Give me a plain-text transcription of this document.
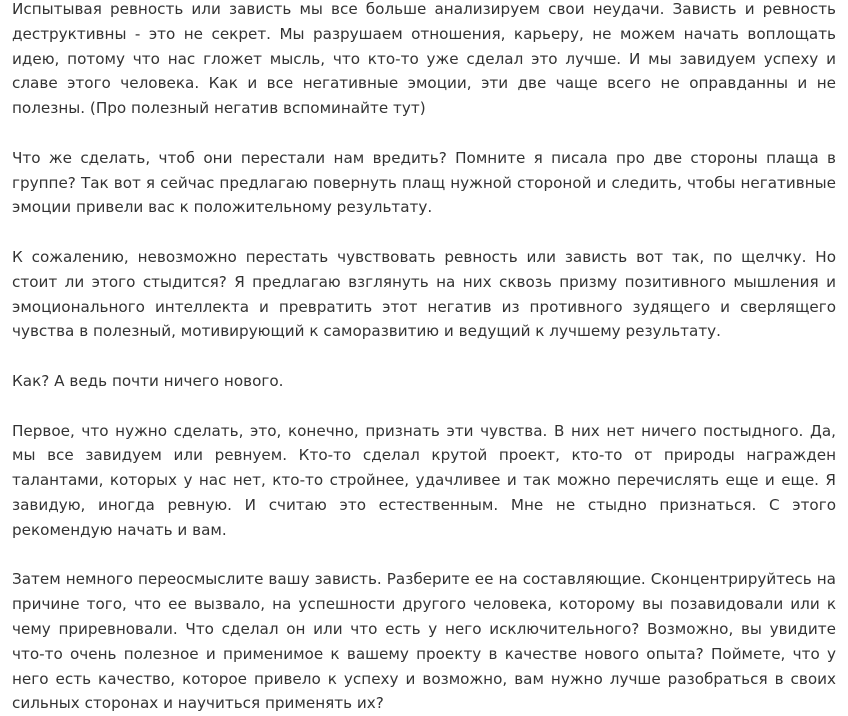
Испытывая ревность или зависть мы все больше анализируем свои неудачи. Зависть и ревность деструктивны - это не секрет. Мы разрушаем отношения, карьеру, не можем начать воплощать идею, потому что нас гложет мысль, что кто-то уже сделал это лучше. И мы завидуем успеху и славе этого человека. Как и все негативные эмоции, эти две чаще всего не оправданны и не полезны. (Про полезный негатив вспоминайте тут)

Что же сделать, чтоб они перестали нам вредить? Помните я писала про две стороны плаща в группе? Так вот я сейчас предлагаю повернуть плащ нужной стороной и следить, чтобы негативные эмоции привели вас к положительному результату.

К сожалению, невозможно перестать чувствовать ревность или зависть вот так, по щелчку. Но стоит ли этого стыдится? Я предлагаю взглянуть на них сквозь призму позитивного мышления и эмоционального интеллекта и превратить этот негатив из противного зудящего и сверлящего чувства в полезный, мотивирующий к саморазвитию и ведущий к лучшему результату.

Как? А ведь почти ничего нового.

Первое, что нужно сделать, это, конечно, признать эти чувства. В них нет ничего постыдного. Да, мы все завидуем или ревнуем. Кто-то сделал крутой проект, кто-то от природы награжден талантами, которых у нас нет, кто-то стройнее, удачливее и так можно перечислять еще и еще. Я завидую, иногда ревную. И считаю это естественным. Мне не стыдно признаться. С этого рекомендую начать и вам.

Затем немного переосмыслите вашу зависть. Разберите ее на составляющие. Сконцентрируйтесь на причине того, что ее вызвало, на успешности другого человека, которому вы позавидовали или к чему приревновали. Что сделал он или что есть у него исключительного? Возможно, вы увидите что-то очень полезное и применимое к вашему проекту в качестве нового опыта? Поймете, что у него есть качество, которое привело к успеху и возможно, вам нужно лучше разобраться в своих сильных сторонах и научиться применять их?
